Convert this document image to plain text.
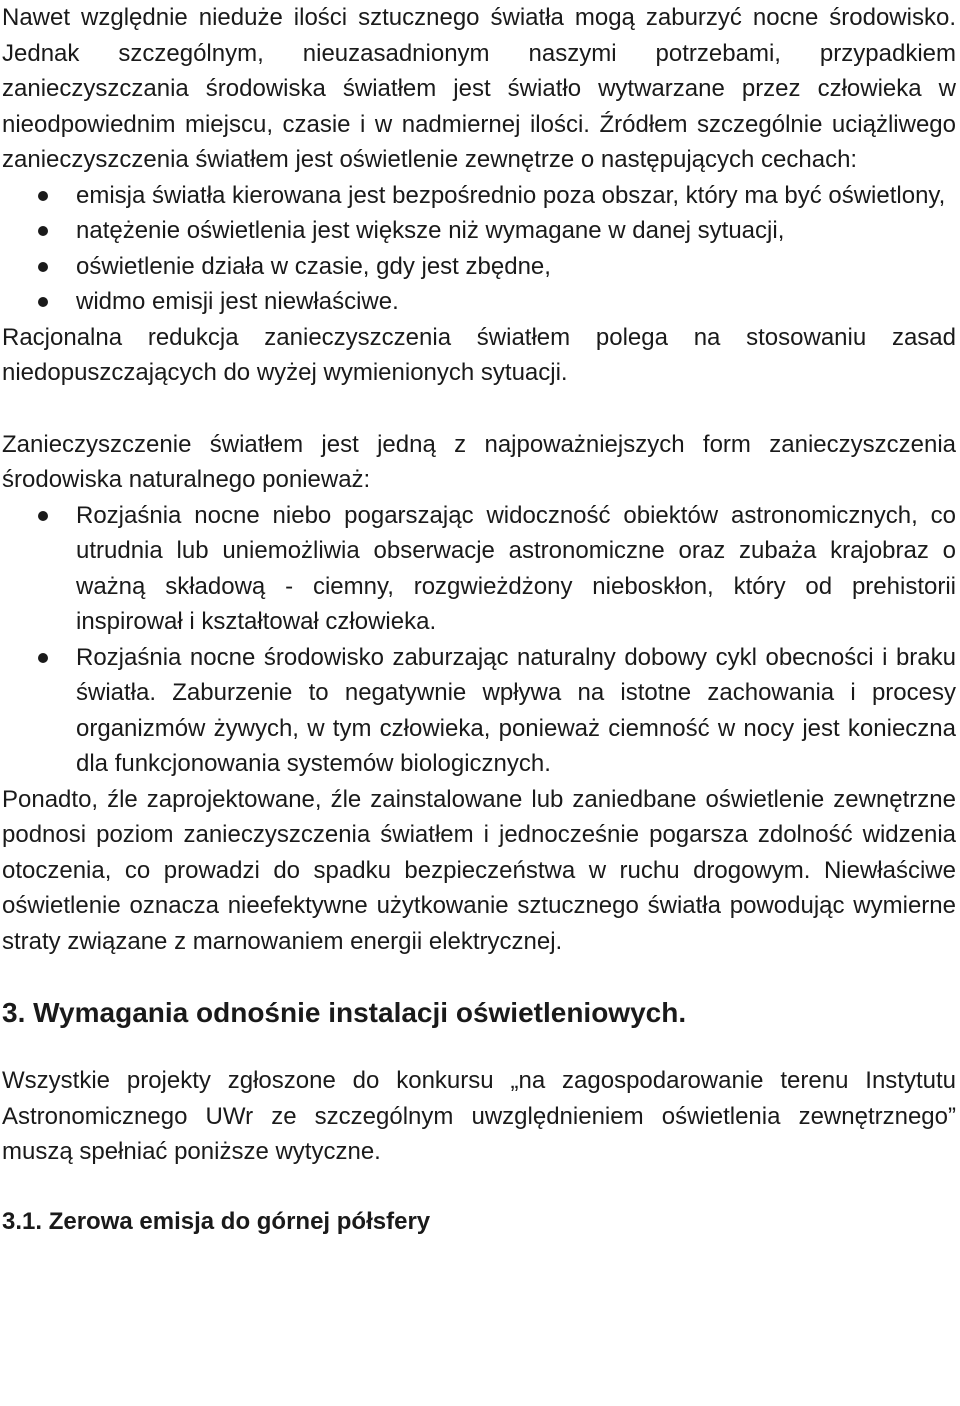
Nawet względnie nieduże ilości sztucznego światła mogą zaburzyć nocne środowisko. Jednak szczególnym, nieuzasadnionym naszymi potrzebami, przypadkiem zanieczyszczania środowiska światłem jest światło wytwarzane przez człowieka w nieodpowiednim miejscu, czasie i w nadmiernej ilości. Źródłem szczególnie uciążliwego zanieczyszczenia światłem jest oświetlenie zewnętrze o następujących cechach:

emisja światła kierowana jest bezpośrednio poza obszar, który ma być oświetlony,
natężenie oświetlenia jest większe niż wymagane w danej sytuacji,
oświetlenie działa w czasie, gdy jest zbędne,
widmo emisji jest niewłaściwe.

Racjonalna redukcja zanieczyszczenia światłem polega na stosowaniu zasad niedopuszczających do wyżej wymienionych sytuacji.

Zanieczyszczenie światłem jest jedną z najpoważniejszych form zanieczyszczenia środowiska naturalnego ponieważ:

Rozjaśnia nocne niebo pogarszając widoczność obiektów astronomicznych, co utrudnia lub uniemożliwia obserwacje astronomiczne oraz zubaża krajobraz o ważną składową - ciemny, rozgwieżdżony nieboskłon, który od prehistorii inspirował i kształtował człowieka.
Rozjaśnia nocne środowisko zaburzając naturalny dobowy cykl obecności i braku światła. Zaburzenie to negatywnie wpływa na istotne zachowania i procesy organizmów żywych, w tym człowieka, ponieważ ciemność w nocy jest konieczna dla funkcjonowania systemów biologicznych.

Ponadto, źle zaprojektowane, źle zainstalowane lub zaniedbane oświetlenie zewnętrzne podnosi poziom zanieczyszczenia światłem i jednocześnie pogarsza zdolność widzenia otoczenia, co prowadzi do spadku bezpieczeństwa w ruchu drogowym. Niewłaściwe oświetlenie oznacza nieefektywne użytkowanie sztucznego światła powodując wymierne straty związane z marnowaniem energii elektrycznej.

3. Wymagania odnośnie instalacji oświetleniowych.

Wszystkie projekty zgłoszone do konkursu „na zagospodarowanie terenu Instytutu Astronomicznego UWr ze szczególnym uwzględnieniem oświetlenia zewnętrznego” muszą spełniać poniższe wytyczne.

3.1. Zerowa emisja do górnej półsfery
